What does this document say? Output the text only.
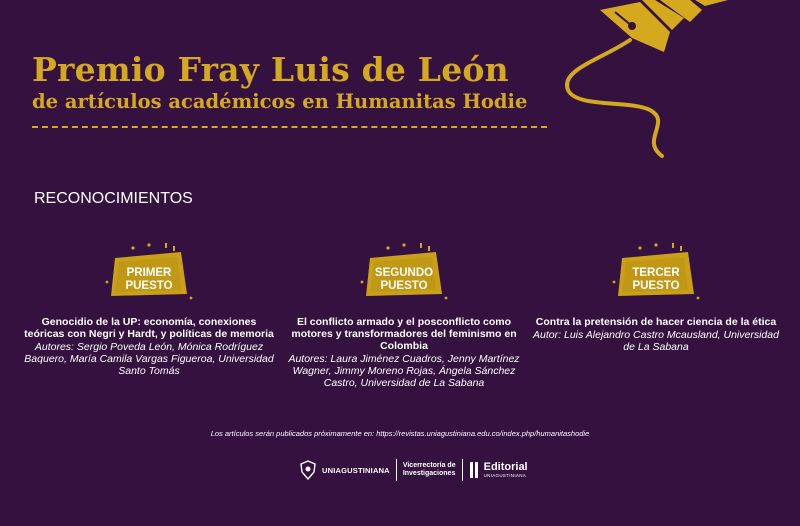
Premio Fray Luis de León
de artículos académicos en Humanitas Hodie
RECONOCIMIENTOS
PRIMER
PUESTO
Genocidio de la UP: economía, conexiones teóricas con Negri y Hardt, y políticas de memoria
Autores: Sergio Poveda León, Mónica Rodríguez Baquero, María Camila Vargas Figueroa, Universidad Santo Tomás
SEGUNDO
PUESTO
El conflicto armado y el posconflicto como motores y transformadores del feminismo en Colombia
Autores: Laura Jiménez Cuadros, Jenny Martínez Wagner, Jimmy Moreno Rojas, Ángela Sánchez Castro, Universidad de La Sabana
TERCER
PUESTO
Contra la pretensión de hacer ciencia de la ética
Autor: Luis Alejandro Castro Mcausland, Universidad de La Sabana
Los artículos serán publicados próximamente en: https://revistas.uniagustiniana.edu.co/index.php/humanitashodie
UNIAGUSTINIANA Vicerrectoría de
Investigaciones
Editorial
UNIAGUSTINIANA
